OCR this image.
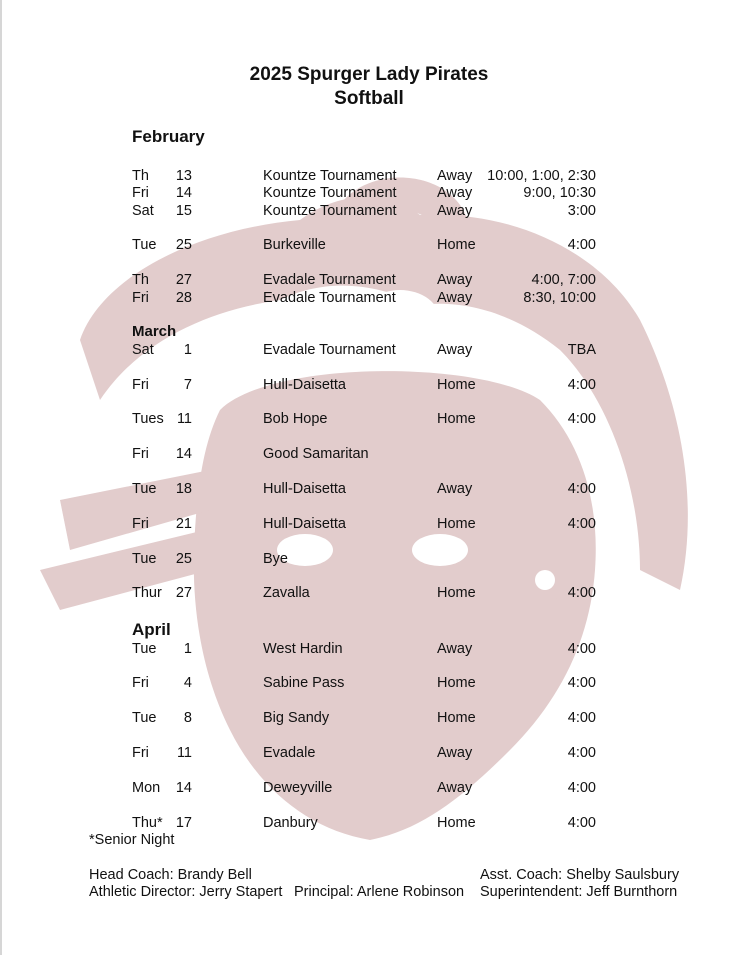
2025 Spurger Lady Pirates
Softball
February
March
April
Th	13	Kountze Tournament	Away 10:00, 1:00, 2:30
Fri	14	Kountze Tournament	Away	9:00, 10:30
Sat	15	Kountze Tournament	Away	3:00
Tue	25	Burkeville	Home	4:00
Th	27	Evadale Tournament	Away	4:00, 7:00
Fri	28	Evadale Tournament	Away	8:30, 10:00
Sat	1	Evadale Tournament	Away	TBA
Fri	7	Hull-Daisetta	Home	4:00
Tues 11	Bob Hope	Home	4:00
Fri	14	Good Samaritan
Tue	18	Hull-Daisetta	Away	4:00
Fri	21	Hull-Daisetta	Home	4:00
Tue	25	Bye
Thur 27	Zavalla	Home	4:00
Tue	1	West Hardin	Away	4:00
Fri	4	Sabine Pass	Home	4:00
Tue	8	Big Sandy	Home	4:00
Fri	11	Evadale	Away	4:00
Mon	14	Deweyville	Away	4:00
Thu* 17	Danbury	Home	4:00
*Senior Night
Head Coach: Brandy Bell	Asst. Coach: Shelby Saulsbury
Athletic Director: Jerry Stapert Principal: Arlene Robinson Superintendent: Jeff Burnthorn
